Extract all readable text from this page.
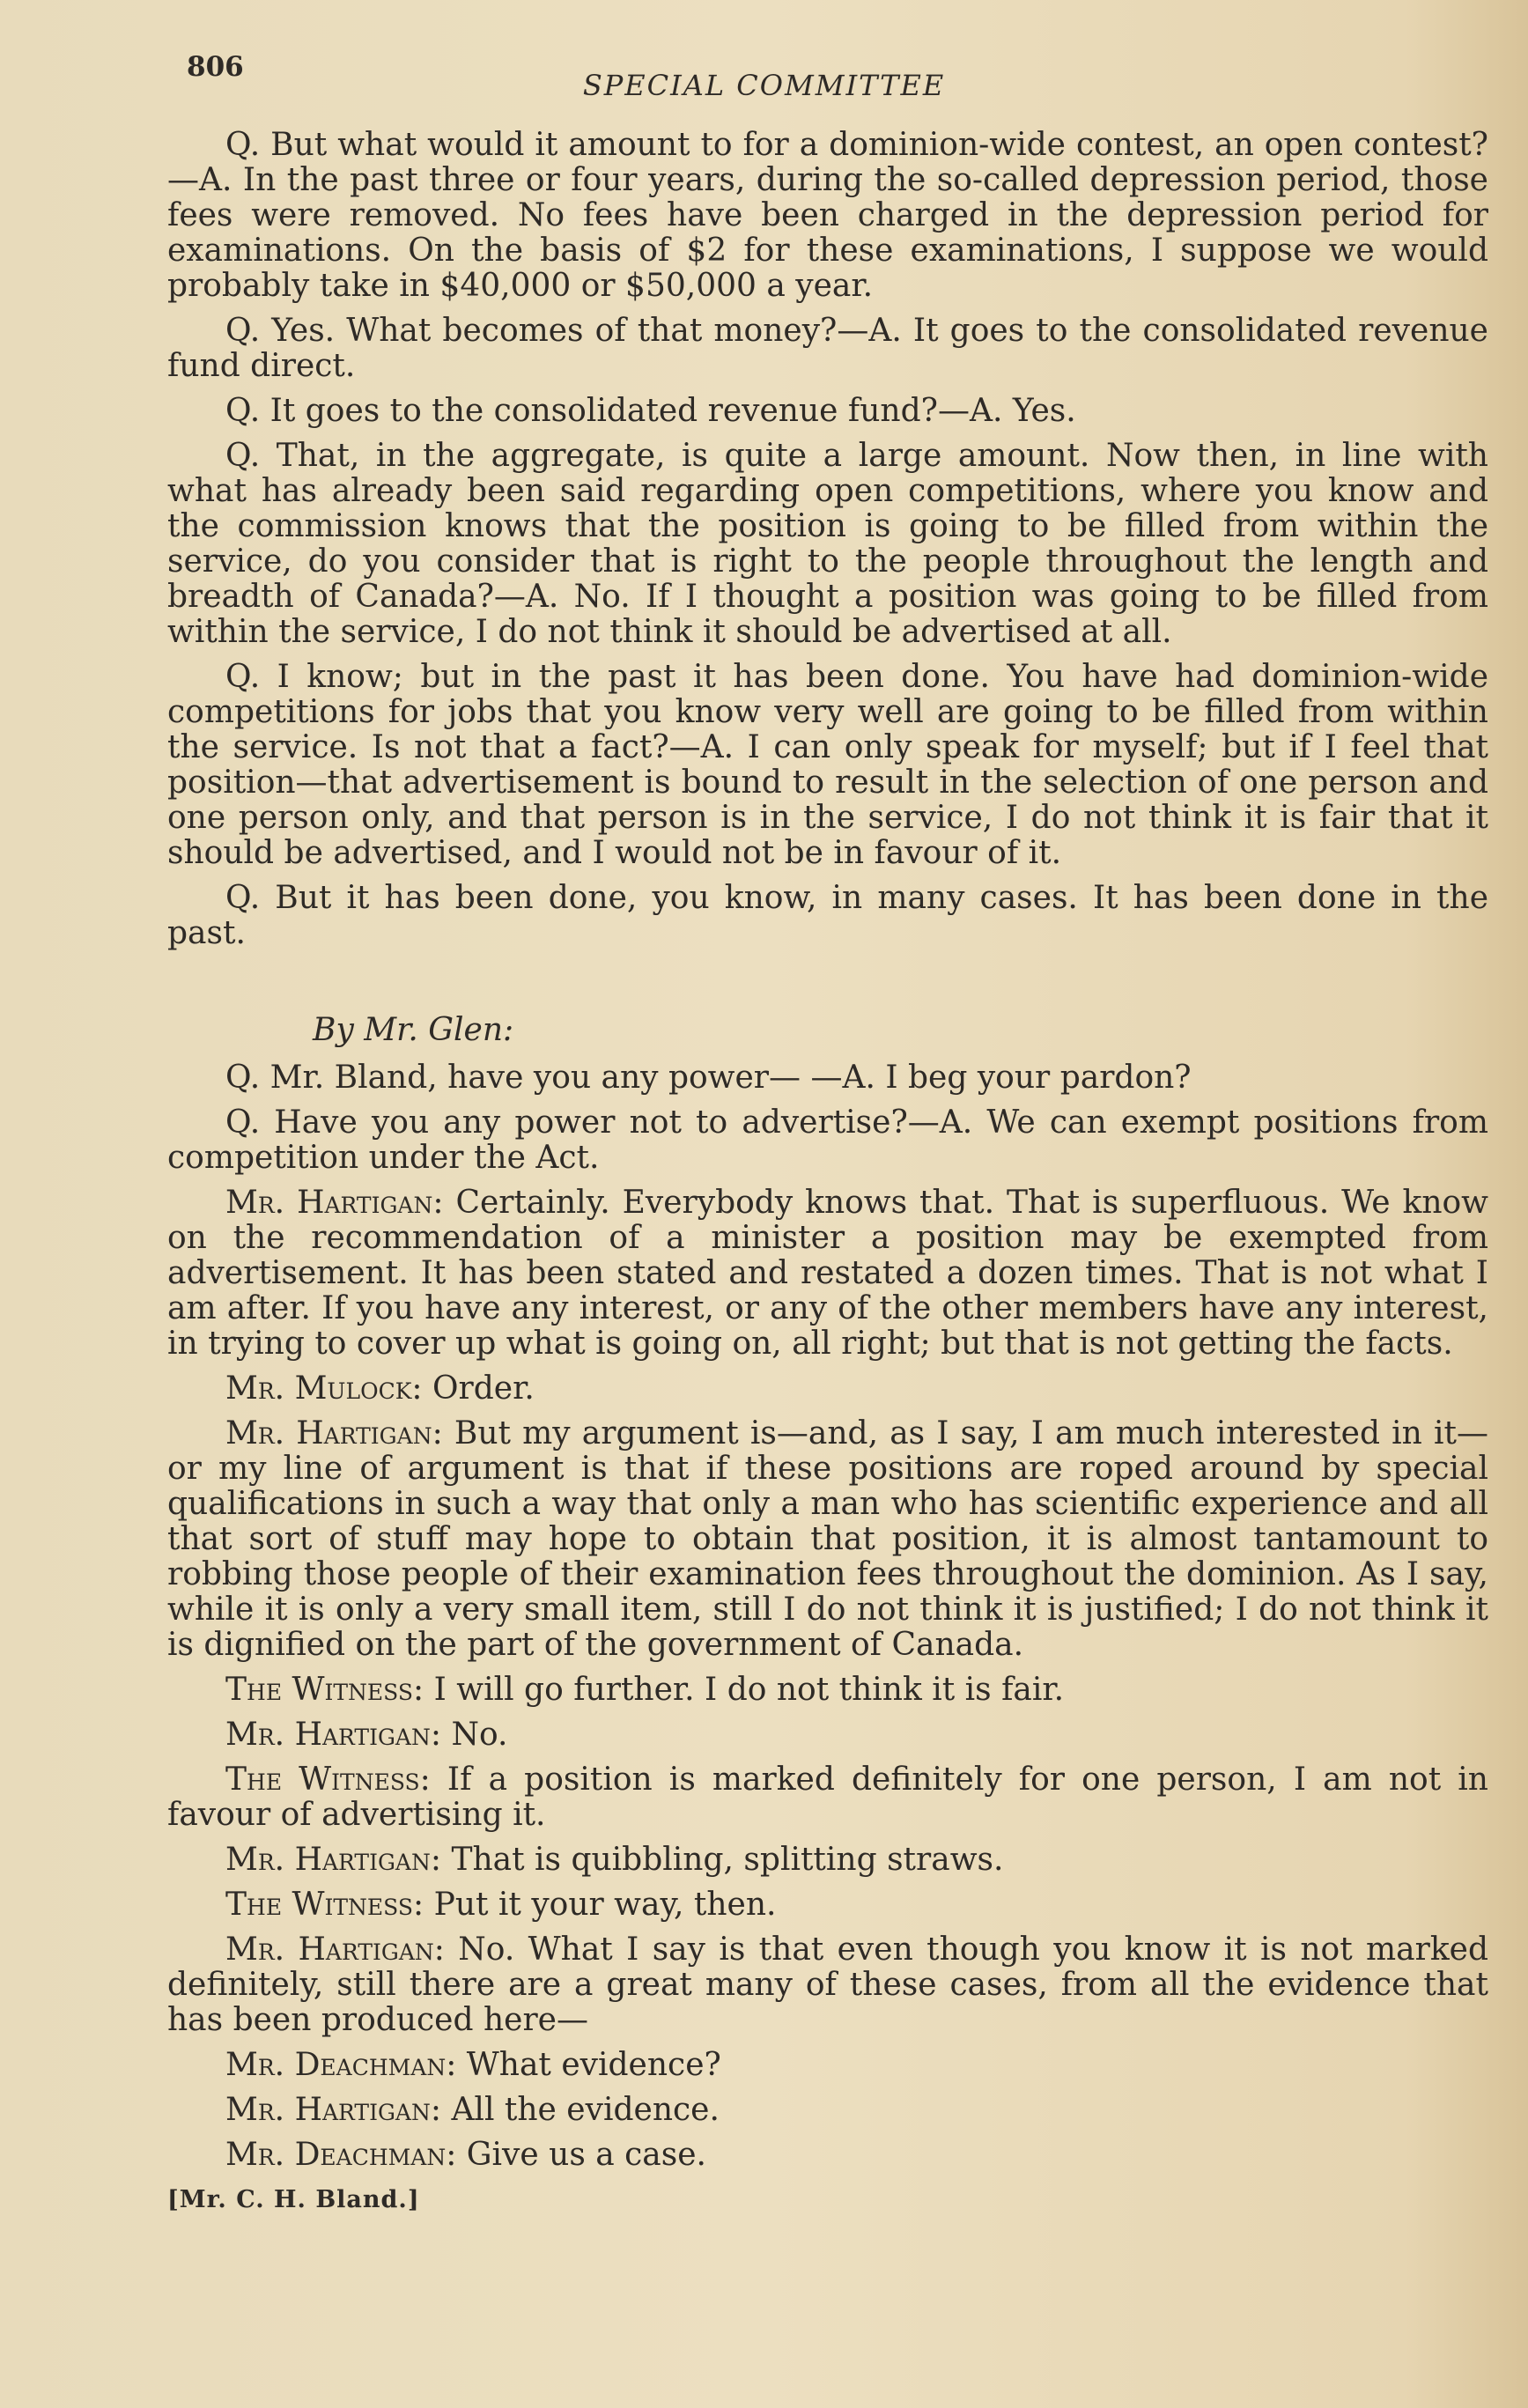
806
SPECIAL COMMITTEE

Q. But what would it amount to for a dominion-wide contest, an open contest?—A. In the past three or four years, during the so-called depression period, those fees were removed. No fees have been charged in the depression period for examinations. On the basis of $2 for these examinations, I suppose we would probably take in $40,000 or $50,000 a year.

Q. Yes. What becomes of that money?—A. It goes to the consolidated revenue fund direct.

Q. It goes to the consolidated revenue fund?—A. Yes.

Q. That, in the aggregate, is quite a large amount. Now then, in line with what has already been said regarding open competitions, where you know and the commission knows that the position is going to be filled from within the service, do you consider that is right to the people throughout the length and breadth of Canada?—A. No. If I thought a position was going to be filled from within the service, I do not think it should be advertised at all.

Q. I know; but in the past it has been done. You have had dominion-wide competitions for jobs that you know very well are going to be filled from within the service. Is not that a fact?—A. I can only speak for myself; but if I feel that position—that advertisement is bound to result in the selection of one person and one person only, and that person is in the service, I do not think it is fair that it should be advertised, and I would not be in favour of it.

Q. But it has been done, you know, in many cases. It has been done in the past.

By Mr. Glen:

Q. Mr. Bland, have you any power— —A. I beg your pardon?

Q. Have you any power not to advertise?—A. We can exempt positions from competition under the Act.

Mr. Hartigan: Certainly. Everybody knows that. That is superfluous. We know on the recommendation of a minister a position may be exempted from advertisement. It has been stated and restated a dozen times. That is not what I am after. If you have any interest, or any of the other members have any interest, in trying to cover up what is going on, all right; but that is not getting the facts.

Mr. Mulock: Order.

Mr. Hartigan: But my argument is—and, as I say, I am much interested in it—or my line of argument is that if these positions are roped around by special qualifications in such a way that only a man who has scientific experience and all that sort of stuff may hope to obtain that position, it is almost tantamount to robbing those people of their examination fees throughout the dominion. As I say, while it is only a very small item, still I do not think it is justified; I do not think it is dignified on the part of the government of Canada.

The Witness: I will go further. I do not think it is fair.

Mr. Hartigan: No.

The Witness: If a position is marked definitely for one person, I am not in favour of advertising it.

Mr. Hartigan: That is quibbling, splitting straws.

The Witness: Put it your way, then.

Mr. Hartigan: No. What I say is that even though you know it is not marked definitely, still there are a great many of these cases, from all the evidence that has been produced here—

Mr. Deachman: What evidence?

Mr. Hartigan: All the evidence.

Mr. Deachman: Give us a case.

[Mr. C. H. Bland.]
